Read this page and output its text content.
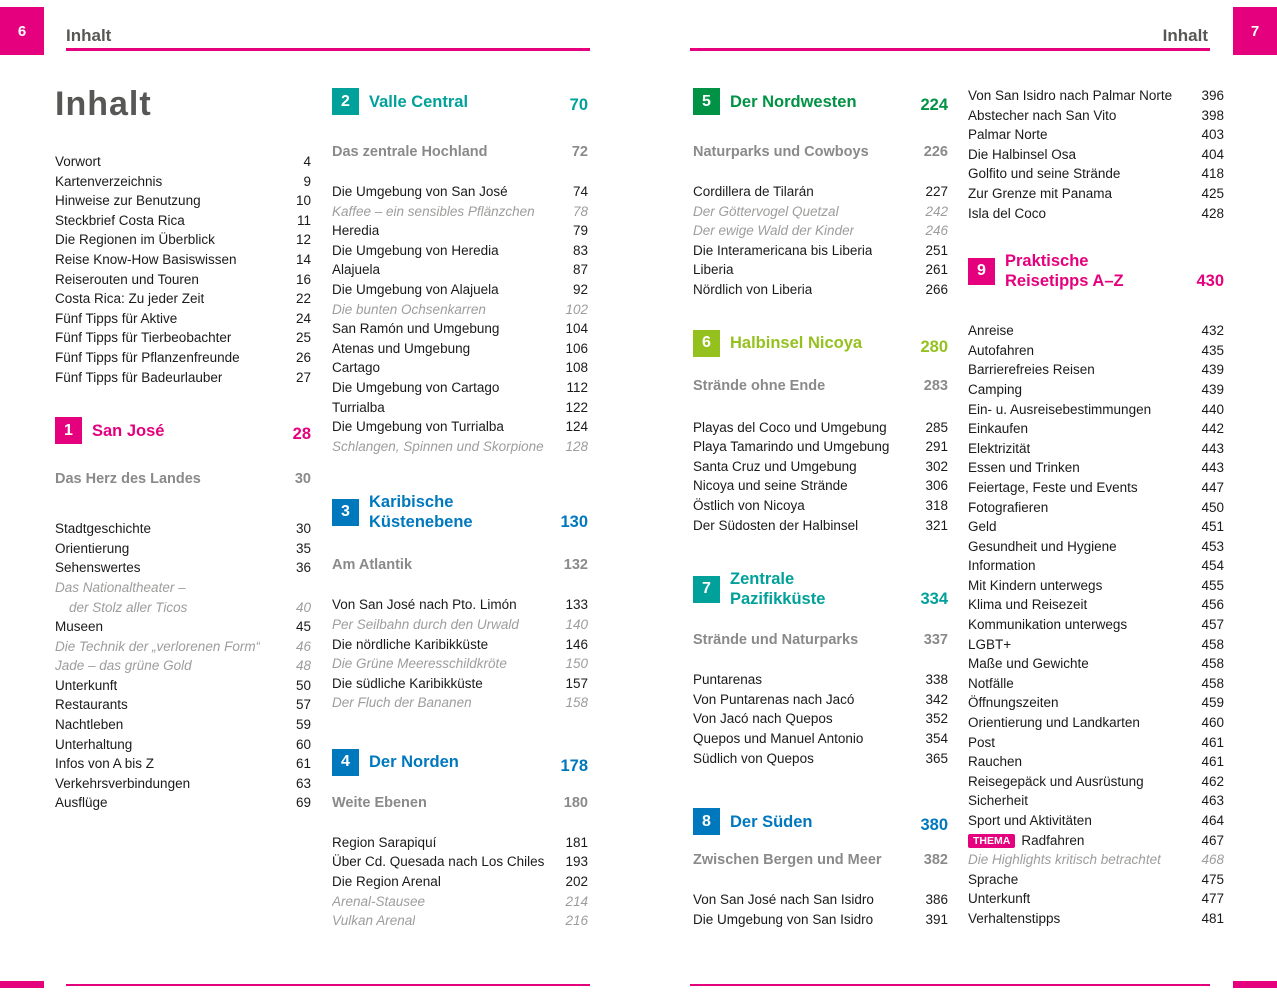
6	Inhalt	7
Inhalt
Inhalt
Vorwort	4
Kartenverzeichnis	9
Hinweise zur Benutzung	10
Steckbrief Costa Rica	11
Die Regionen im Überblick	12
Reise Know-How Basiswissen	14
Reiserouten und Touren	16
Costa Rica: Zu jeder Zeit	22
Fünf Tipps für Aktive	24
Fünf Tipps für Tierbeobachter	25
Fünf Tipps für Pflanzenfreunde	26
Fünf Tipps für Badeurlauber	27
1	San José	28
Das Herz des Landes	30
Stadtgeschichte	30
Orientierung	35
Sehenswertes	36
Das Nationaltheater –
der Stolz aller Ticos	40
Museen	45
Die Technik der „verlorenen Form“	46
Jade – das grüne Gold	48
Unterkunft	50
Restaurants	57
Nachtleben	59
Unterhaltung	60
Infos von A bis Z	61
Verkehrsverbindungen	63
Ausflüge	69
2	Valle Central	70
Das zentrale Hochland	72
Die Umgebung von San José	74
Kaffee – ein sensibles Pflänzchen	78
Heredia	79
Die Umgebung von Heredia	83
Alajuela	87
Die Umgebung von Alajuela	92
Die bunten Ochsenkarren	102
San Ramón und Umgebung	104
Atenas und Umgebung	106
Cartago	108
Die Umgebung von Cartago	112
Turrialba	122
Die Umgebung von Turrialba	124
Schlangen, Spinnen und Skorpione	128
3
Karibische
Küstenebene	130
Am Atlantik	132
Von San José nach Pto. Limón	133
Per Seilbahn durch den Urwald	140
Die nördliche Karibikküste	146
Die Grüne Meeresschildkröte	150
Die südliche Karibikküste	157
Der Fluch der Bananen	158
4	Der Norden	178
Weite Ebenen	180
Region Sarapiquí	181
Über Cd. Quesada nach Los Chiles	193
Die Region Arenal	202
Arenal-Stausee	214
Vulkan Arenal	216
5	Der Nordwesten	224
Naturparks und Cowboys	226
Cordillera de Tilarán	227
Der Göttervogel Quetzal	242
Der ewige Wald der Kinder	246
Die Interamericana bis Liberia	251
Liberia	261
Nördlich von Liberia	266
6	Halbinsel Nicoya	280
Strände ohne Ende	283
Playas del Coco und Umgebung	285
Playa Tamarindo und Umgebung	291
Santa Cruz und Umgebung	302
Nicoya und seine Strände	306
Östlich von Nicoya	318
Der Südosten der Halbinsel	321
7
Zentrale
Pazifikküste	334
Strände und Naturparks	337
Puntarenas	338
Von Puntarenas nach Jacó	342
Von Jacó nach Quepos	352
Quepos und Manuel Antonio	354
Südlich von Quepos	365
8	Der Süden	380
Zwischen Bergen und Meer	382
Von San José nach San Isidro	386
Die Umgebung von San Isidro	391
Von San Isidro nach Palmar Norte	396
Abstecher nach San Vito	398
Palmar Norte	403
Die Halbinsel Osa	404
Golfito und seine Strände	418
Zur Grenze mit Panama	425
Isla del Coco	428
9
Praktische
Reisetipps A–Z	430
Anreise	432
Autofahren	435
Barrierefreies Reisen	439
Camping	439
Ein- u. Ausreisebestimmungen	440
Einkaufen	442
Elektrizität	443
Essen und Trinken	443
Feiertage, Feste und Events	447
Fotografieren	450
Geld	451
Gesundheit und Hygiene	453
Information	454
Mit Kindern unterwegs	455
Klima und Reisezeit	456
Kommunikation unterwegs	457
LGBT+	458
Maße und Gewichte	458
Notfälle	458
Öffnungszeiten	459
Orientierung und Landkarten	460
Post	461
Rauchen	461
Reisegepäck und Ausrüstung	462
Sicherheit	463
Sport und Aktivitäten	464
THEMA Radfahren	467
Die Highlights kritisch betrachtet	468
Sprache	475
Unterkunft	477
Verhaltenstipps	481
